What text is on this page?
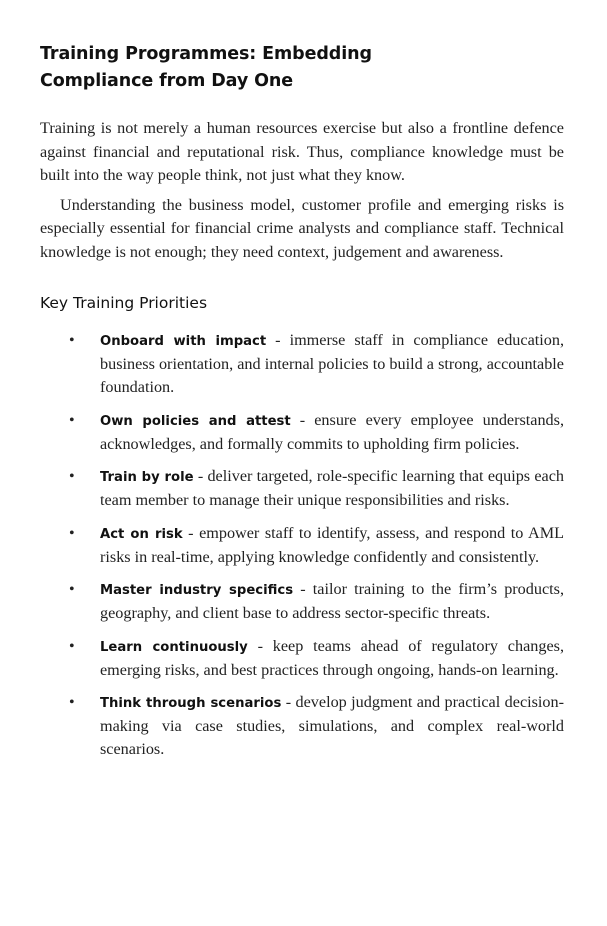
Training Programmes: Embedding
Compliance from Day One

Training is not merely a human resources exercise but also a frontline defence against financial and reputational risk. Thus, compliance knowledge must be built into the way people think, not just what they know.

Understanding the business model, customer profile and emerging risks is especially essential for financial crime analysts and compliance staff. Technical knowledge is not enough; they need context, judgement and awareness.

Key Training Priorities
• Onboard with impact - immerse staff in compliance education, business orientation, and internal policies to build a strong, accountable foundation.

• Own policies and attest - ensure every employee understands, acknowledges, and formally commits to upholding firm policies.

• Train by role - deliver targeted, role-specific learning that equips each team member to manage their unique responsibilities and risks.

• Act on risk - empower staff to identify, assess, and respond to AML risks in real-time, applying knowledge confidently and consistently.

• Master industry specifics - tailor training to the firm’s products, geography, and client base to address sector-specific threats.

• Learn continuously - keep teams ahead of regulatory changes, emerging risks, and best practices through ongoing, hands-on learning.

• Think through scenarios - develop judgment and practical decision-making via case studies, simulations, and complex real-world scenarios.
